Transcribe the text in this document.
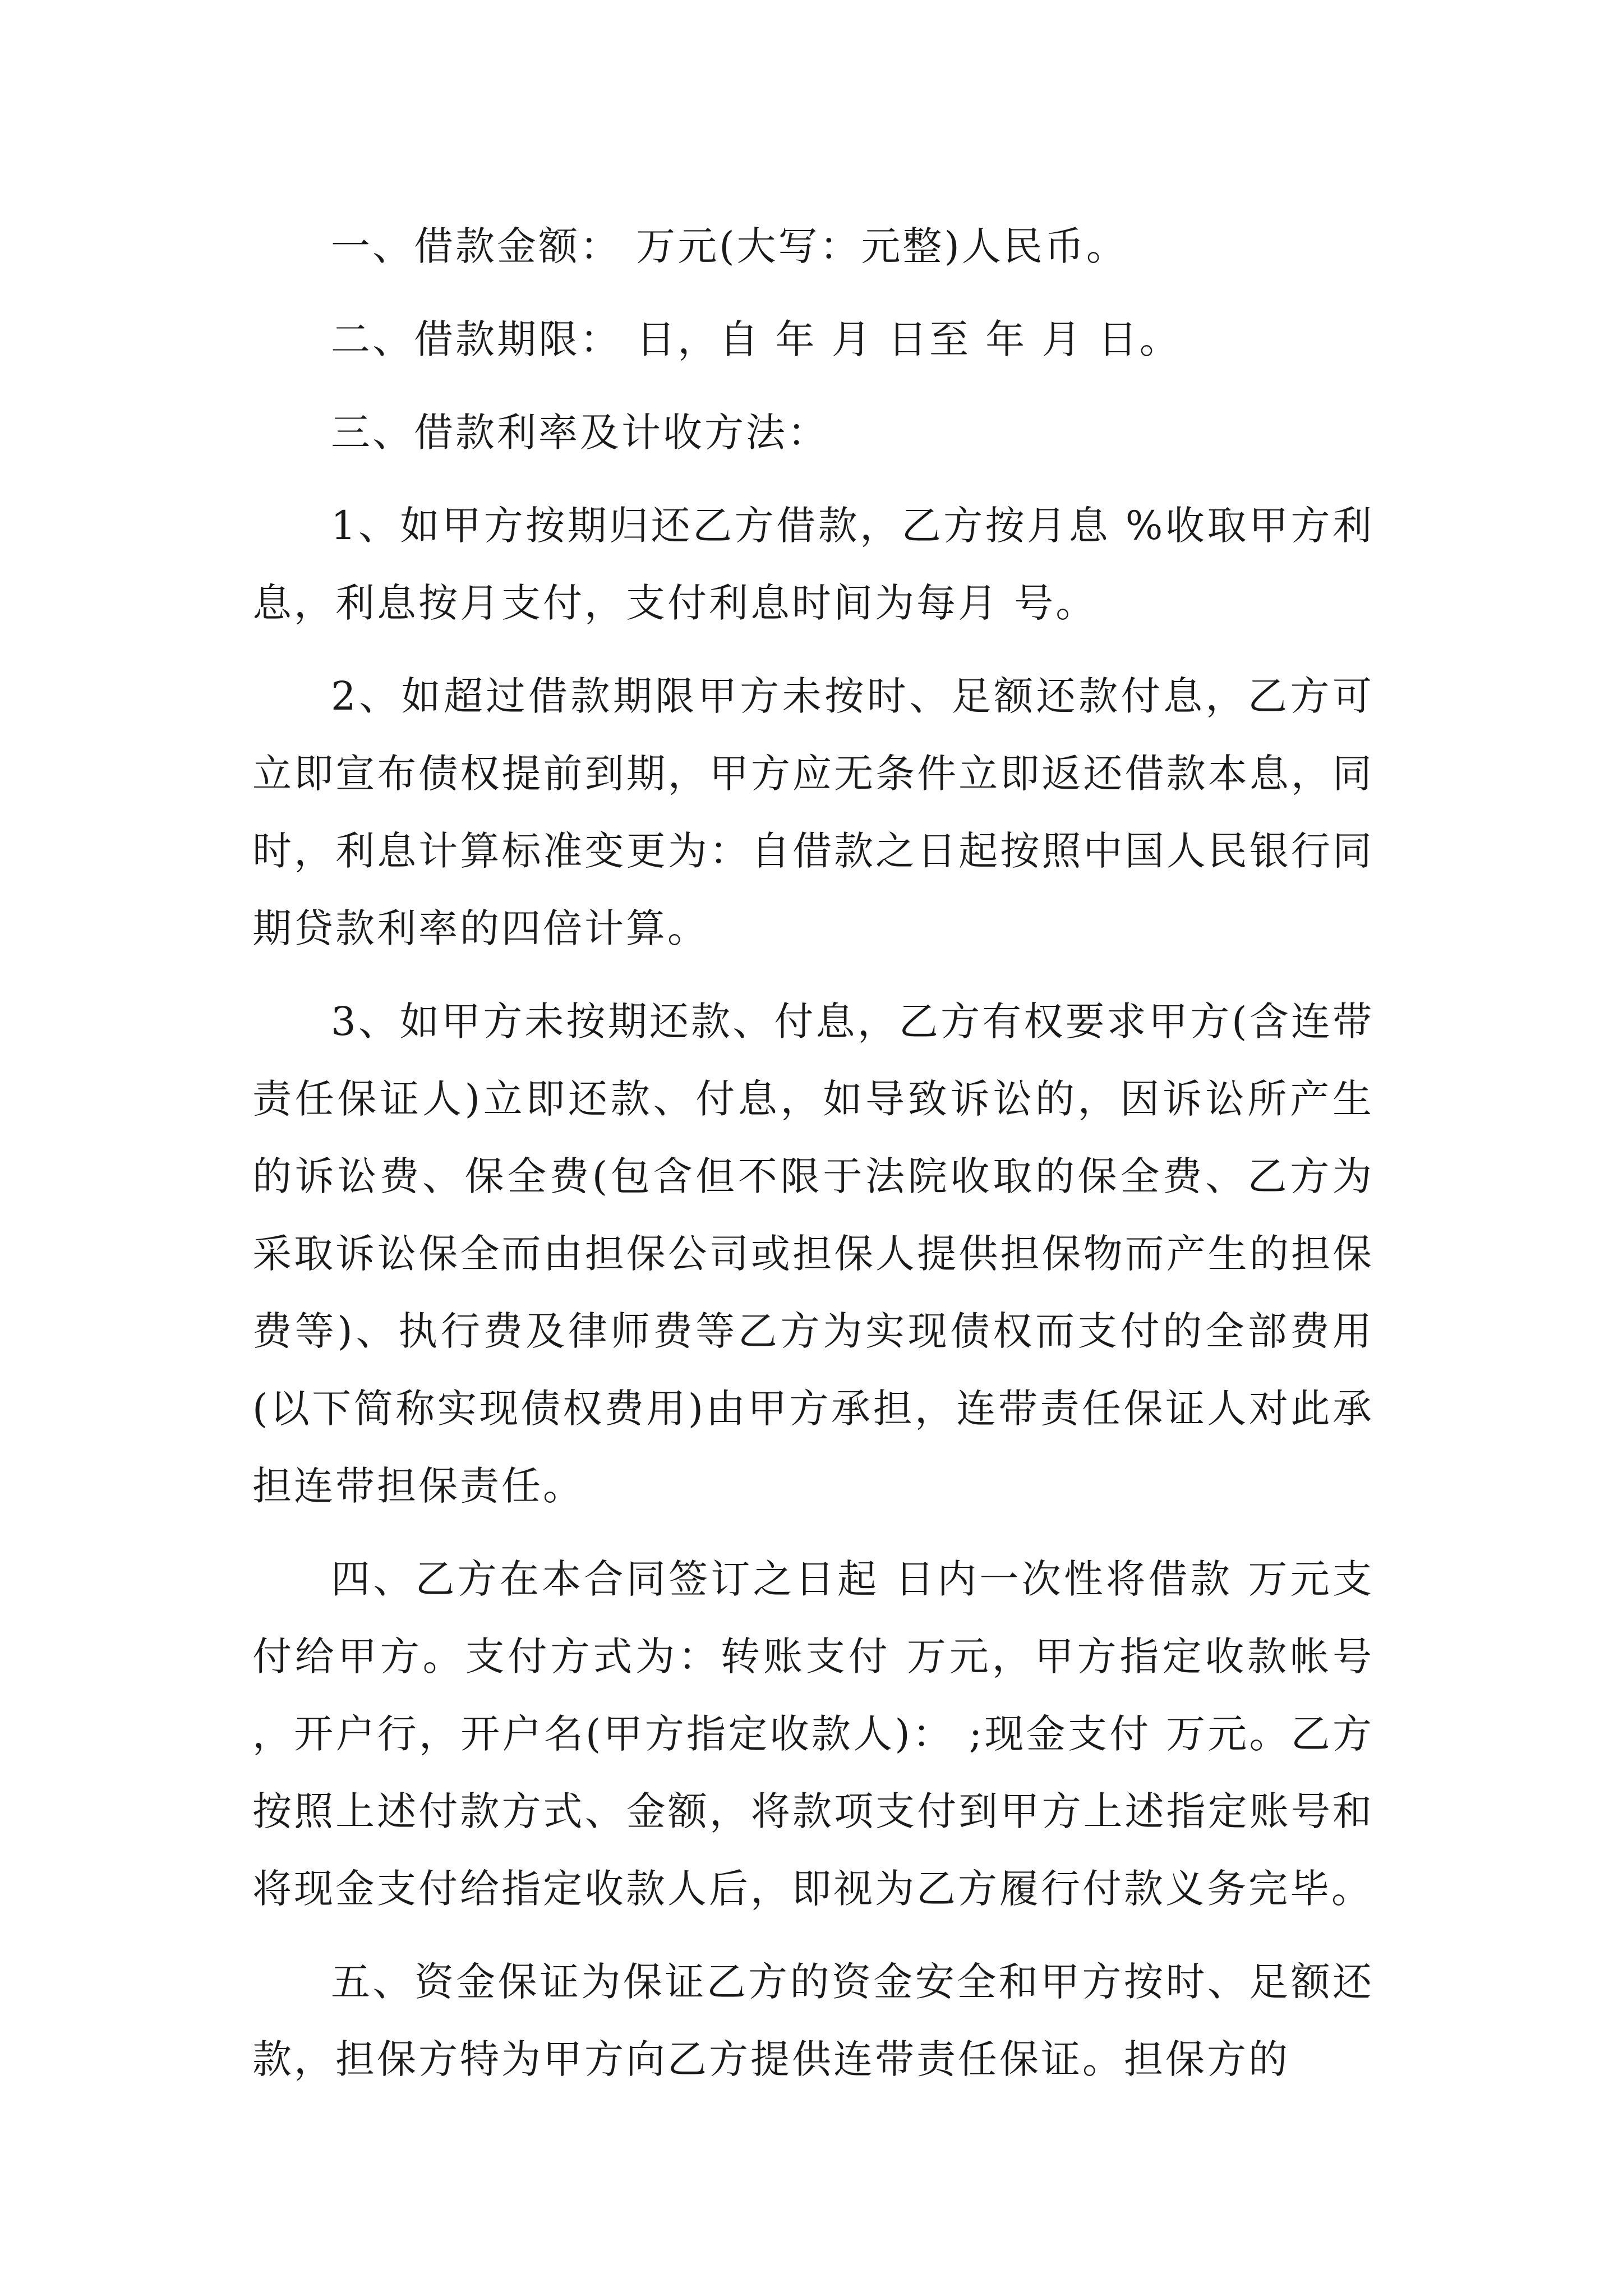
一、借款金额： 万元(大写：元整)人民币。

二、借款期限： 日，自 年 月 日至 年 月 日。

三、借款利率及计收方法：

1、如甲方按期归还乙方借款，乙方按月息 %收取甲方利息，利息按月支付，支付利息时间为每月 号。

2、如超过借款期限甲方未按时、足额还款付息，乙方可立即宣布债权提前到期，甲方应无条件立即返还借款本息，同时，利息计算标准变更为：自借款之日起按照中国人民银行同期贷款利率的四倍计算。

3、如甲方未按期还款、付息，乙方有权要求甲方(含连带责任保证人)立即还款、付息，如导致诉讼的，因诉讼所产生的诉讼费、保全费(包含但不限于法院收取的保全费、乙方为采取诉讼保全而由担保公司或担保人提供担保物而产生的担保费等)、执行费及律师费等乙方为实现债权而支付的全部费用(以下简称实现债权费用)由甲方承担，连带责任保证人对此承担连带担保责任。

四、乙方在本合同签订之日起 日内一次性将借款 万元支付给甲方。支付方式为：转账支付 万元，甲方指定收款帐号 ，开户行，开户名(甲方指定收款人)： ;现金支付 万元。乙方按照上述付款方式、金额，将款项支付到甲方上述指定账号和将现金支付给指定收款人后，即视为乙方履行付款义务完毕。

五、资金保证为保证乙方的资金安全和甲方按时、足额还款，担保方特为甲方向乙方提供连带责任保证。担保方的
